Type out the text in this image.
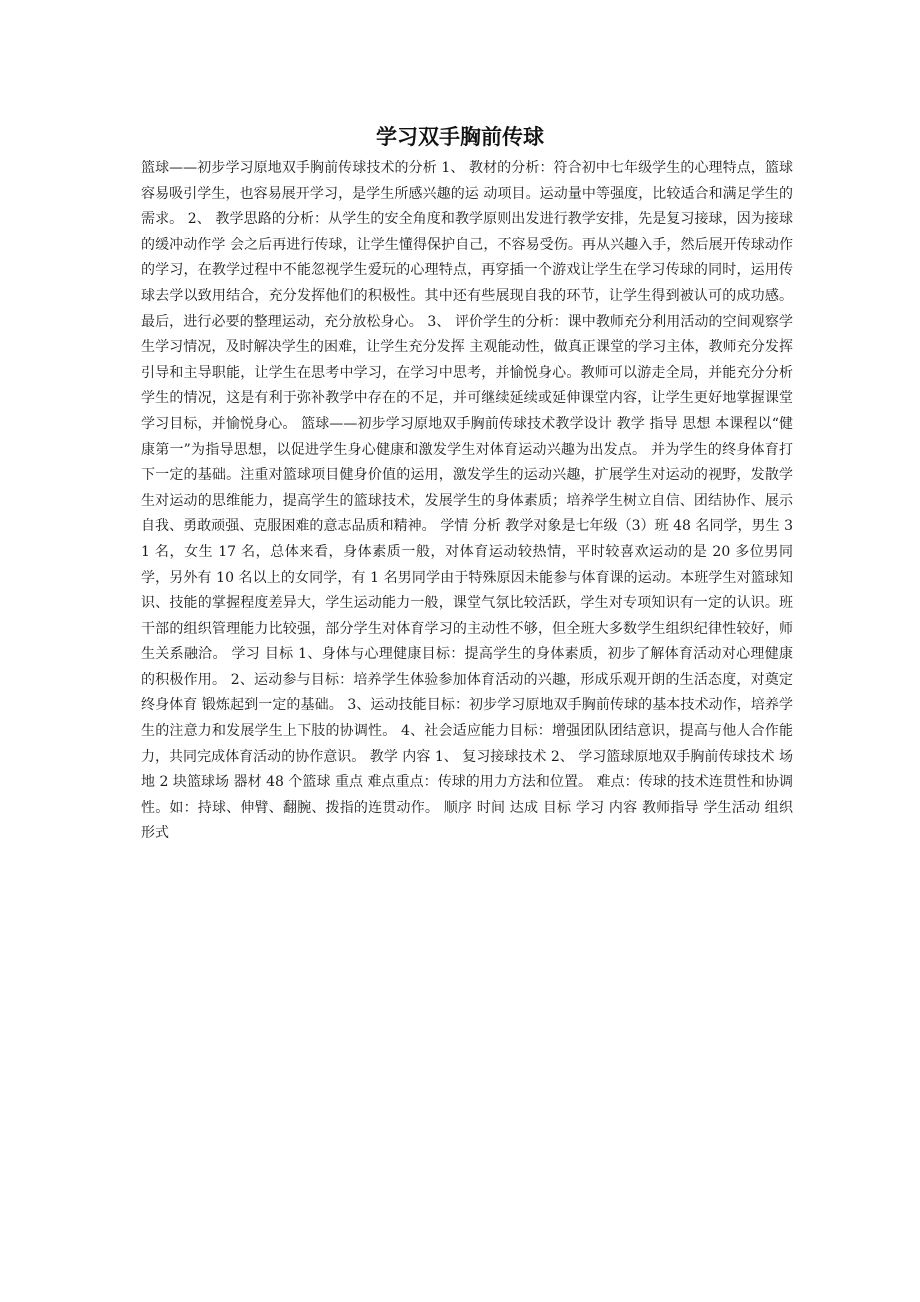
学习双手胸前传球

篮球——初步学习原地双手胸前传球技术的分析 1、 教材的分析：符合初中七年级学生的心理特点，篮球容易吸引学生，也容易展开学习，是学生所感兴趣的运 动项目。运动量中等强度，比较适合和满足学生的需求。 2、 教学思路的分析：从学生的安全角度和教学原则出发进行教学安排，先是复习接球，因为接球的缓冲动作学 会之后再进行传球，让学生懂得保护自己，不容易受伤。再从兴趣入手，然后展开传球动作的学习，在教学过程中不能忽视学生爱玩的心理特点，再穿插一个游戏让学生在学习传球的同时，运用传球去学以致用结合，充分发挥他们的积极性。其中还有些展现自我的环节，让学生得到被认可的成功感。最后，进行必要的整理运动，充分放松身心。 3、 评价学生的分析：课中教师充分利用活动的空间观察学生学习情况，及时解决学生的困难，让学生充分发挥 主观能动性，做真正课堂的学习主体，教师充分发挥引导和主导职能，让学生在思考中学习，在学习中思考，并愉悦身心。教师可以游走全局，并能充分分析学生的情况，这是有利于弥补教学中存在的不足，并可继续延续或延伸课堂内容，让学生更好地掌握课堂学习目标，并愉悦身心。 篮球——初步学习原地双手胸前传球技术教学设计 教学 指导 思想 本课程以“健康第一”为指导思想，以促进学生身心健康和激发学生对体育运动兴趣为出发点。 并为学生的终身体育打下一定的基础。注重对篮球项目健身价值的运用，激发学生的运动兴趣，扩展学生对运动的视野，发散学生对运动的思维能力，提高学生的篮球技术，发展学生的身体素质；培养学生树立自信、团结协作、展示自我、勇敢顽强、克服困难的意志品质和精神。 学情 分析 教学对象是七年级（3）班 48 名同学，男生 31 名，女生 17 名，总体来看，身体素质一般，对体育运动较热情，平时较喜欢运动的是 20 多位男同学，另外有 10 名以上的女同学，有 1 名男同学由于特殊原因未能参与体育课的运动。本班学生对篮球知识、技能的掌握程度差异大，学生运动能力一般，课堂气氛比较活跃，学生对专项知识有一定的认识。班干部的组织管理能力比较强，部分学生对体育学习的主动性不够，但全班大多数学生组织纪律性较好，师生关系融洽。 学习 目标 1、身体与心理健康目标：提高学生的身体素质，初步了解体育活动对心理健康的积极作用。 2、运动参与目标：培养学生体验参加体育活动的兴趣，形成乐观开朗的生活态度，对奠定终身体育 锻炼起到一定的基础。 3、运动技能目标：初步学习原地双手胸前传球的基本技术动作，培养学生的注意力和发展学生上下肢的协调性。 4、社会适应能力目标：增强团队团结意识，提高与他人合作能力，共同完成体育活动的协作意识。 教学 内容 1、 复习接球技术 2、 学习篮球原地双手胸前传球技术 场地 2 块篮球场 器材 48 个篮球 重点 难点重点：传球的用力方法和位置。 难点：传球的技术连贯性和协调性。如：持球、伸臂、翻腕、拨指的连贯动作。 顺序 时间 达成 目标 学习 内容 教师指导 学生活动 组织形式
